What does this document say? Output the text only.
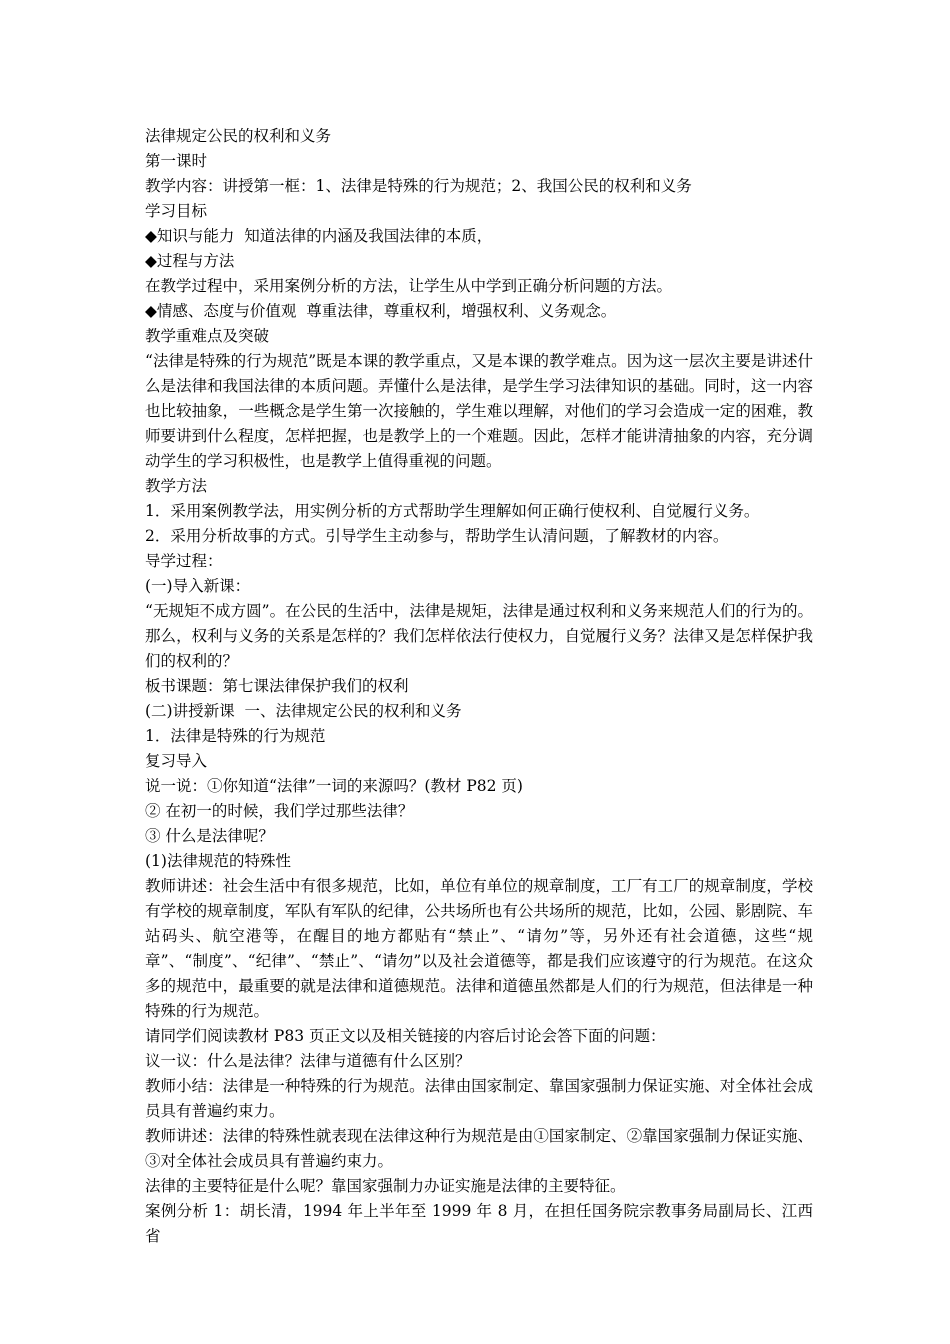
法律规定公民的权利和义务
第一课时
教学内容：讲授第一框：1、法律是特殊的行为规范；2、我国公民的权利和义务
学习目标
◆知识与能力  知道法律的内涵及我国法律的本质，
◆过程与方法
在教学过程中，采用案例分析的方法，让学生从中学到正确分析问题的方法。
◆情感、态度与价值观  尊重法律，尊重权利，增强权利、义务观念。
教学重难点及突破
“法律是特殊的行为规范”既是本课的教学重点，又是本课的教学难点。因为这一层次主要是讲述什么是法律和我国法律的本质问题。弄懂什么是法律，是学生学习法律知识的基础。同时，这一内容也比较抽象，一些概念是学生第一次接触的，学生难以理解，对他们的学习会造成一定的困难，教师要讲到什么程度，怎样把握，也是教学上的一个难题。因此，怎样才能讲清抽象的内容，充分调动学生的学习积极性，也是教学上值得重视的问题。
教学方法
1．采用案例教学法，用实例分析的方式帮助学生理解如何正确行使权利、自觉履行义务。
2．采用分析故事的方式。引导学生主动参与，帮助学生认清问题，了解教材的内容。
导学过程：
(一)导入新课：
“无规矩不成方圆”。在公民的生活中，法律是规矩，法律是通过权利和义务来规范人们的行为的。那么，权利与义务的关系是怎样的？我们怎样依法行使权力，自觉履行义务？法律又是怎样保护我们的权利的？
板书课题：第七课法律保护我们的权利
(二)讲授新课  一、法律规定公民的权利和义务
1．法律是特殊的行为规范
复习导入
说一说：①你知道“法律”一词的来源吗？(教材 P82 页)
② 在初一的时候，我们学过那些法律？
③ 什么是法律呢？
(1)法律规范的特殊性
教师讲述：社会生活中有很多规范，比如，单位有单位的规章制度，工厂有工厂的规章制度，学校有学校的规章制度，军队有军队的纪律，公共场所也有公共场所的规范，比如，公园、影剧院、车站码头、航空港等，在醒目的地方都贴有“禁止”、“请勿”等，另外还有社会道德，这些“规章”、“制度”、“纪律”、“禁止”、“请勿”以及社会道德等，都是我们应该遵守的行为规范。在这众多的规范中，最重要的就是法律和道德规范。法律和道德虽然都是人们的行为规范，但法律是一种特殊的行为规范。
请同学们阅读教材 P83 页正文以及相关链接的内容后讨论会答下面的问题：
议一议：什么是法律？法律与道德有什么区别？
教师小结：法律是一种特殊的行为规范。法律由国家制定、靠国家强制力保证实施、对全体社会成员具有普遍约束力。
教师讲述：法律的特殊性就表现在法律这种行为规范是由①国家制定、②靠国家强制力保证实施、③对全体社会成员具有普遍约束力。
法律的主要特征是什么呢？靠国家强制力办证实施是法律的主要特征。
案例分析 1：胡长清，1994 年上半年至 1999 年 8 月，在担任国务院宗教事务局副局长、江西省
